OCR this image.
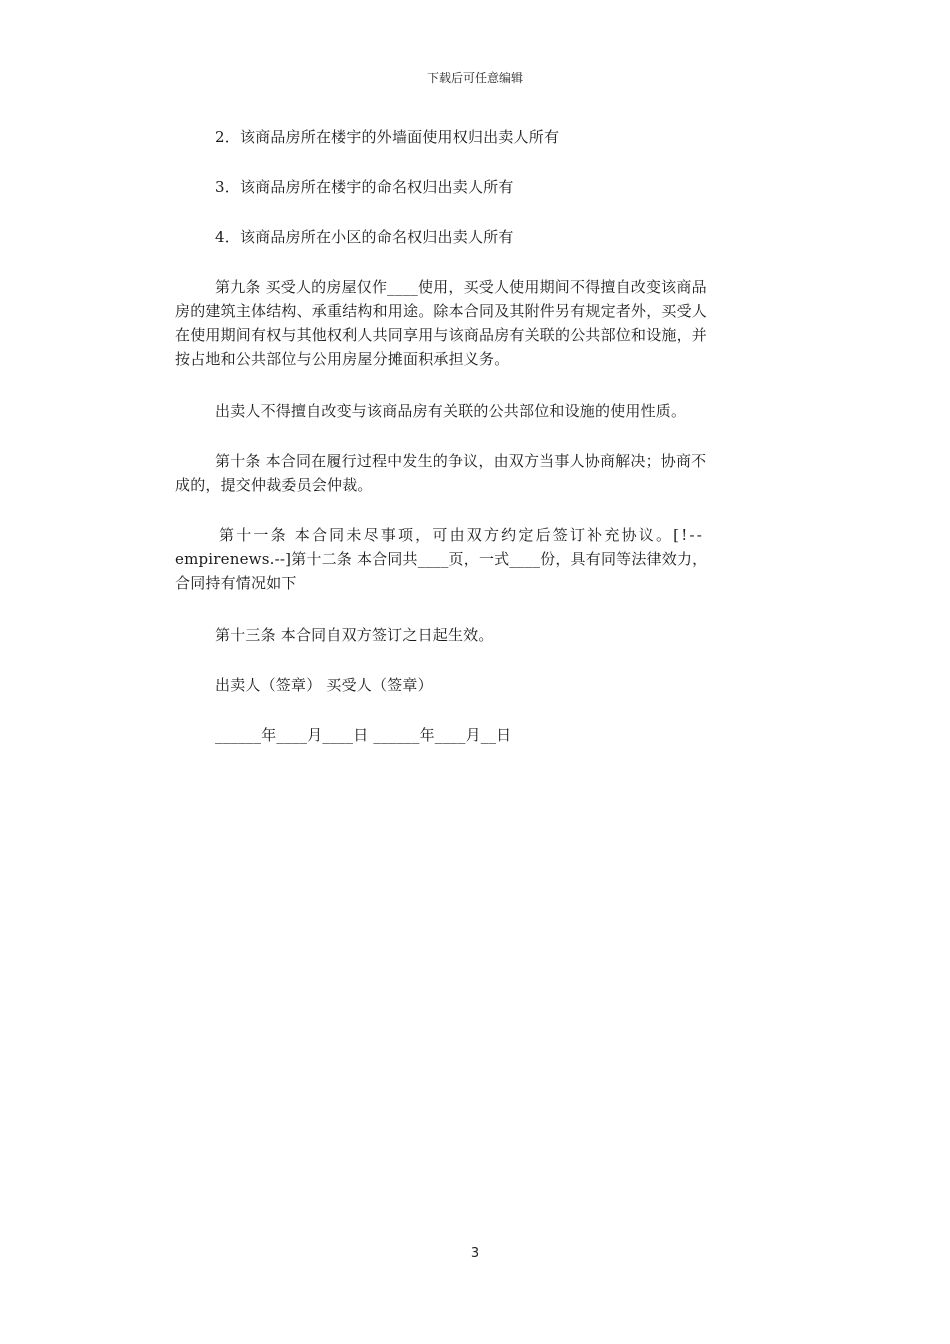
下载后可任意编辑

2．该商品房所在楼宇的外墙面使用权归出卖人所有

3．该商品房所在楼宇的命名权归出卖人所有

4．该商品房所在小区的命名权归出卖人所有

第九条 买受人的房屋仅作____使用，买受人使用期间不得擅自改变该商品
房的建筑主体结构、承重结构和用途。除本合同及其附件另有规定者外，买受人
在使用期间有权与其他权利人共同享用与该商品房有关联的公共部位和设施，并
按占地和公共部位与公用房屋分摊面积承担义务。

出卖人不得擅自改变与该商品房有关联的公共部位和设施的使用性质。

第十条 本合同在履行过程中发生的争议，由双方当事人协商解决；协商不
成的，提交仲裁委员会仲裁。

第十一条 本合同未尽事项，可由双方约定后签订补充协议。[!--
empirenews.--]第十二条 本合同共____页，一式____份，具有同等法律效力，
合同持有情况如下

第十三条 本合同自双方签订之日起生效。

出卖人（签章） 买受人（签章）

______年____月____日 ______年____月__日

3
